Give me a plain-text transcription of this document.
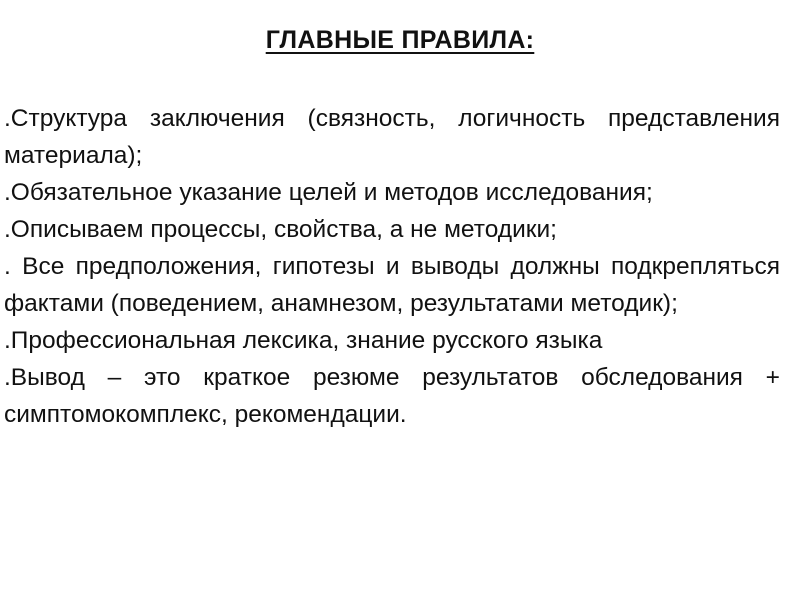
ГЛАВНЫЕ ПРАВИЛА:
.Структура заключения (связность, логичность представления материала);
.Обязательное указание целей и методов исследования;
.Описываем процессы, свойства, а не методики;
. Все предположения, гипотезы и выводы должны подкрепляться фактами (поведением, анамнезом, результатами методик);
.Профессиональная лексика, знание русского языка
.Вывод – это краткое резюме результатов обследования + симптомокомплекс, рекомендации.
